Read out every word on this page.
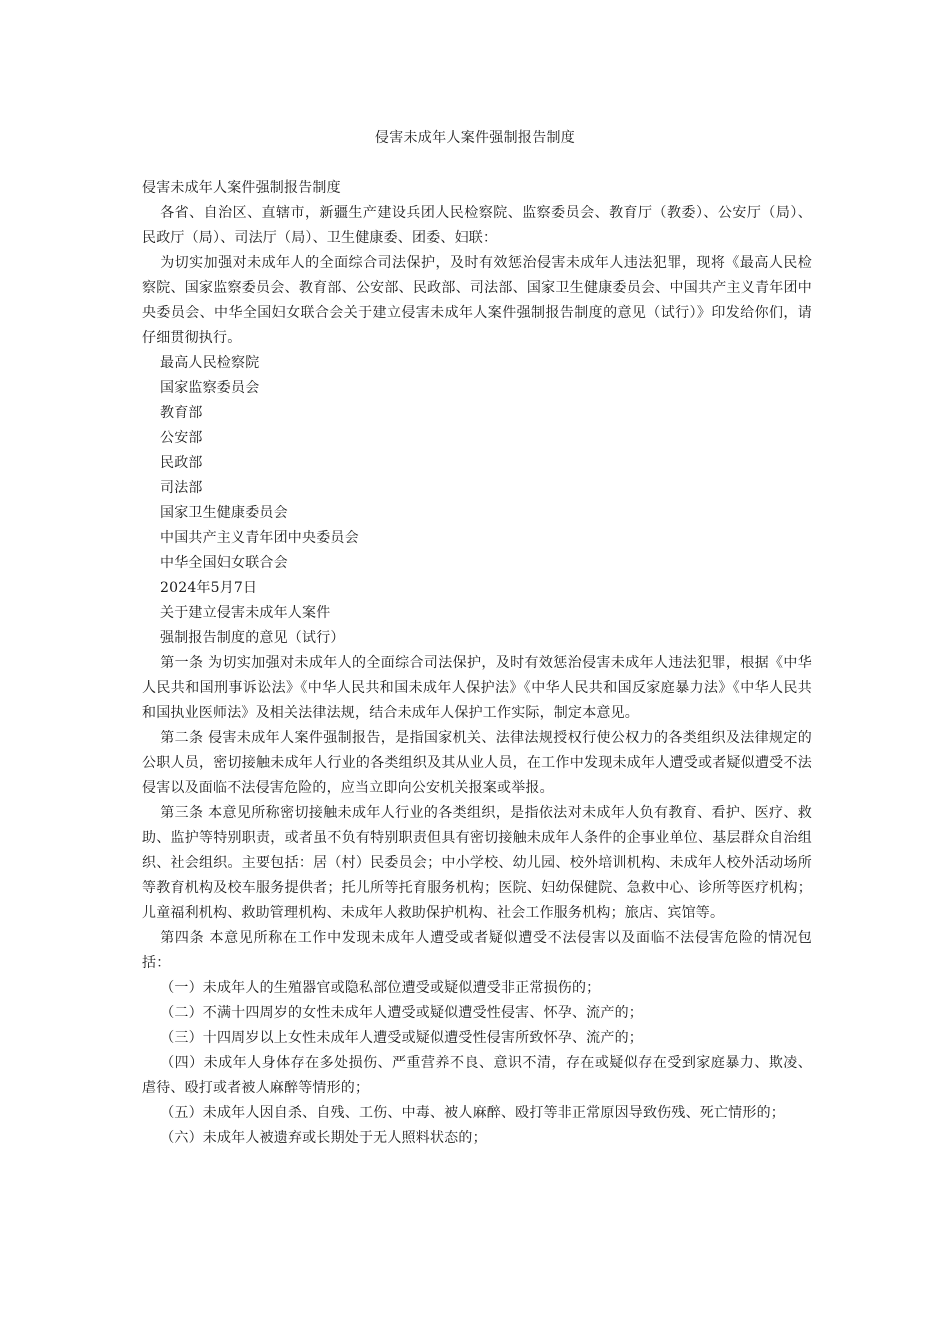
侵害未成年人案件强制报告制度

侵害未成年人案件强制报告制度

各省、自治区、直辖市，新疆生产建设兵团人民检察院、监察委员会、教育厅（教委）、公安厅（局）、民政厅（局）、司法厅（局）、卫生健康委、团委、妇联：

为切实加强对未成年人的全面综合司法保护，及时有效惩治侵害未成年人违法犯罪，现将《最高人民检察院、国家监察委员会、教育部、公安部、民政部、司法部、国家卫生健康委员会、中国共产主义青年团中央委员会、中华全国妇女联合会关于建立侵害未成年人案件强制报告制度的意见（试行）》印发给你们，请仔细贯彻执行。

最高人民检察院

国家监察委员会

教育部

公安部

民政部

司法部

国家卫生健康委员会

中国共产主义青年团中央委员会

中华全国妇女联合会

2024年5月7日

关于建立侵害未成年人案件

强制报告制度的意见（试行）

第一条 为切实加强对未成年人的全面综合司法保护，及时有效惩治侵害未成年人违法犯罪，根据《中华人民共和国刑事诉讼法》《中华人民共和国未成年人保护法》《中华人民共和国反家庭暴力法》《中华人民共和国执业医师法》及相关法律法规，结合未成年人保护工作实际，制定本意见。

第二条 侵害未成年人案件强制报告，是指国家机关、法律法规授权行使公权力的各类组织及法律规定的公职人员，密切接触未成年人行业的各类组织及其从业人员，在工作中发现未成年人遭受或者疑似遭受不法侵害以及面临不法侵害危险的，应当立即向公安机关报案或举报。

第三条 本意见所称密切接触未成年人行业的各类组织，是指依法对未成年人负有教育、看护、医疗、救助、监护等特别职责，或者虽不负有特别职责但具有密切接触未成年人条件的企事业单位、基层群众自治组织、社会组织。主要包括：居（村）民委员会；中小学校、幼儿园、校外培训机构、未成年人校外活动场所等教育机构及校车服务提供者；托儿所等托育服务机构；医院、妇幼保健院、急救中心、诊所等医疗机构；儿童福利机构、救助管理机构、未成年人救助保护机构、社会工作服务机构；旅店、宾馆等。

第四条 本意见所称在工作中发现未成年人遭受或者疑似遭受不法侵害以及面临不法侵害危险的情况包括：

（一）未成年人的生殖器官或隐私部位遭受或疑似遭受非正常损伤的；

（二）不满十四周岁的女性未成年人遭受或疑似遭受性侵害、怀孕、流产的；

（三）十四周岁以上女性未成年人遭受或疑似遭受性侵害所致怀孕、流产的；

（四）未成年人身体存在多处损伤、严重营养不良、意识不清，存在或疑似存在受到家庭暴力、欺凌、虐待、殴打或者被人麻醉等情形的；

（五）未成年人因自杀、自残、工伤、中毒、被人麻醉、殴打等非正常原因导致伤残、死亡情形的；

（六）未成年人被遗弃或长期处于无人照料状态的；
